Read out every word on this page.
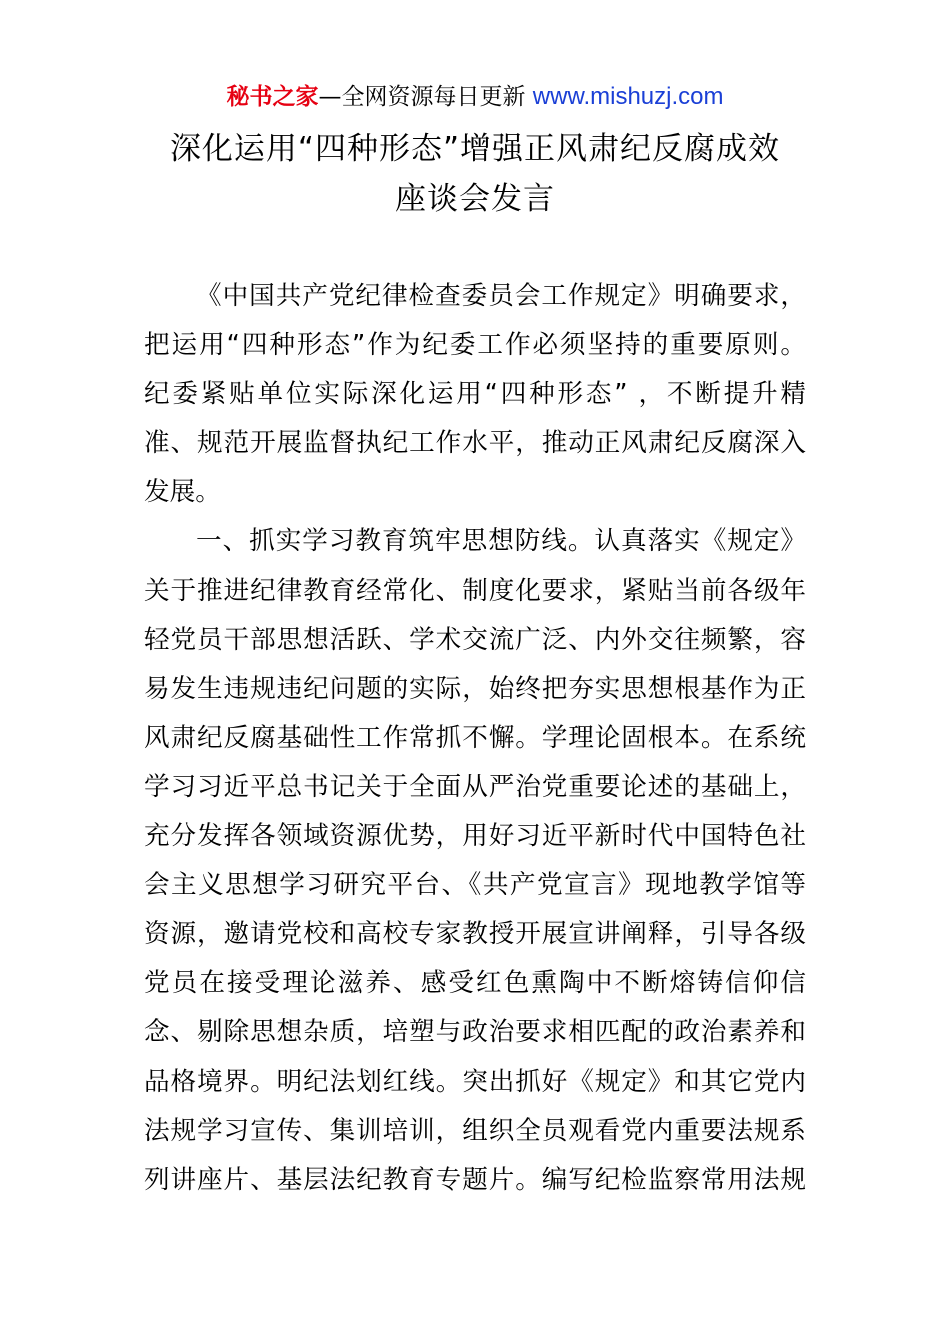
秘书之家—全网资源每日更新 www.mishuzj.com
深化运用“四种形态”增强正风肃纪反腐成效
座谈会发言
《中国共产党纪律检查委员会工作规定》明确要求，
把运用“四种形态”作为纪委工作必须坚持的重要原则。
纪委紧贴单位实际深化运用“四种形态” ，不断提升精
准、规范开展监督执纪工作水平，推动正风肃纪反腐深入
发展。
一、抓实学习教育筑牢思想防线。认真落实《规定》
关于推进纪律教育经常化、制度化要求，紧贴当前各级年
轻党员干部思想活跃、学术交流广泛、内外交往频繁，容
易发生违规违纪问题的实际，始终把夯实思想根基作为正
风肃纪反腐基础性工作常抓不懈。学理论固根本。在系统
学习习近平总书记关于全面从严治党重要论述的基础上，
充分发挥各领域资源优势，用好习近平新时代中国特色社
会主义思想学习研究平台、《共产党宣言》现地教学馆等
资源，邀请党校和高校专家教授开展宣讲阐释，引导各级
党员在接受理论滋养、感受红色熏陶中不断熔铸信仰信
念、剔除思想杂质，培塑与政治要求相匹配的政治素养和
品格境界。明纪法划红线。突出抓好《规定》和其它党内
法规学习宣传、集训培训，组织全员观看党内重要法规系
列讲座片、基层法纪教育专题片。编写纪检监察常用法规
